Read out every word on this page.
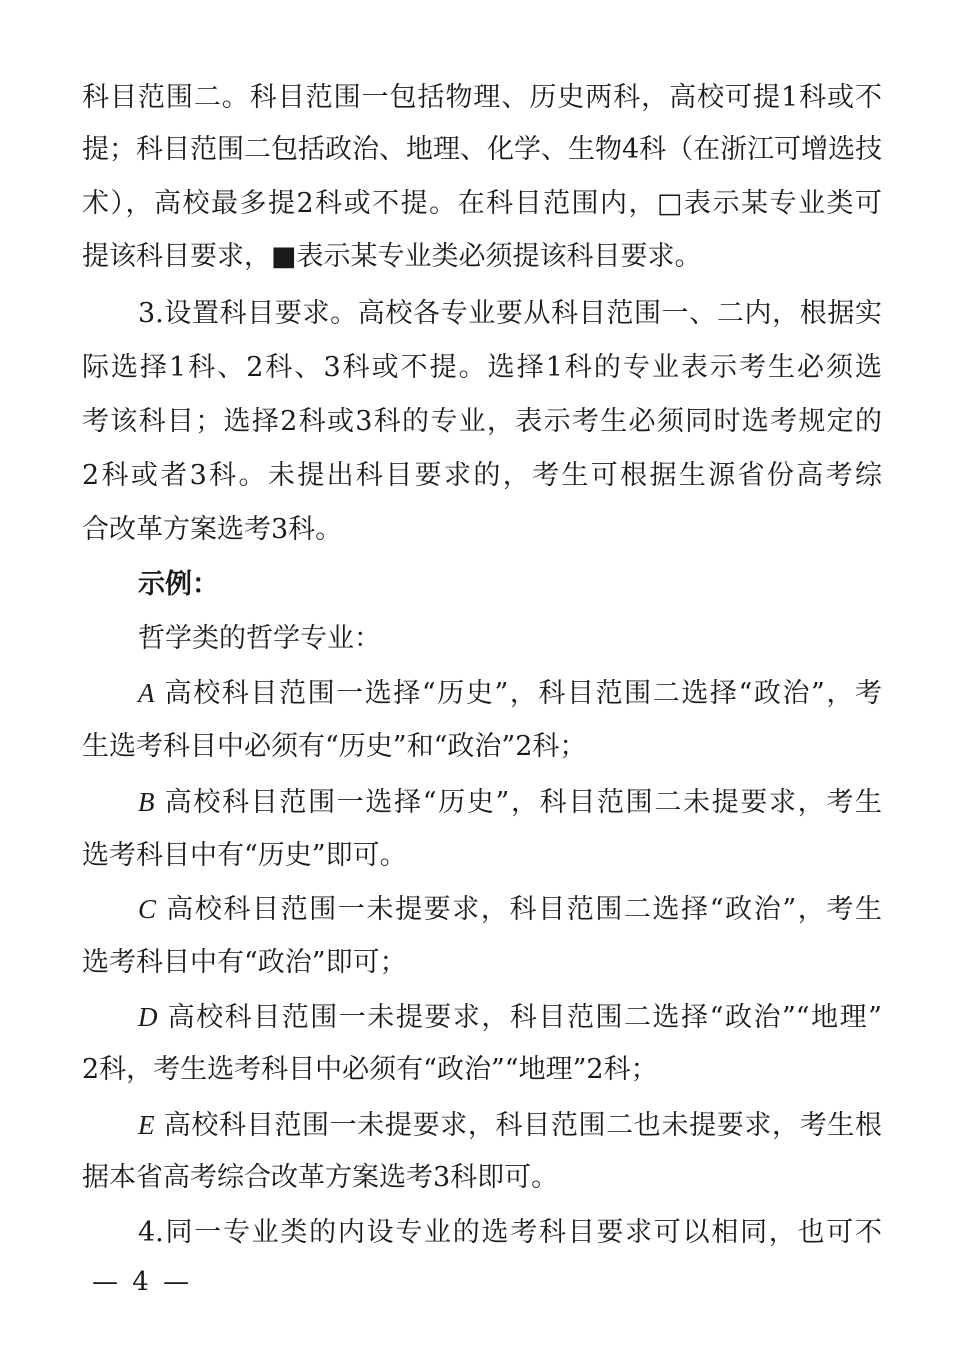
科目范围二。科目范围一包括物理、历史两科，高校可提1科或不
提；科目范围二包括政治、地理、化学、生物4科（在浙江可增选技
术），高校最多提2科或不提。在科目范围内，□表示某专业类可
提该科目要求，■表示某专业类必须提该科目要求。
3.设置科目要求。高校各专业要从科目范围一、二内，根据实
际选择1科、2科、3科或不提。选择1科的专业表示考生必须选
考该科目；选择2科或3科的专业，表示考生必须同时选考规定的
2科或者3科。未提出科目要求的，考生可根据生源省份高考综
合改革方案选考3科。
示例：
哲学类的哲学专业：
A 高校科目范围一选择“历史”，科目范围二选择“政治”，考
生选考科目中必须有“历史”和“政治”2科；
B 高校科目范围一选择“历史”，科目范围二未提要求，考生
选考科目中有“历史”即可。
C 高校科目范围一未提要求，科目范围二选择“政治”，考生
选考科目中有“政治”即可；
D 高校科目范围一未提要求，科目范围二选择“政治”“地理”
2科，考生选考科目中必须有“政治”“地理”2科；
E 高校科目范围一未提要求，科目范围二也未提要求，考生根
据本省高考综合改革方案选考3科即可。
4.同一专业类的内设专业的选考科目要求可以相同，也可不
— 4 —
